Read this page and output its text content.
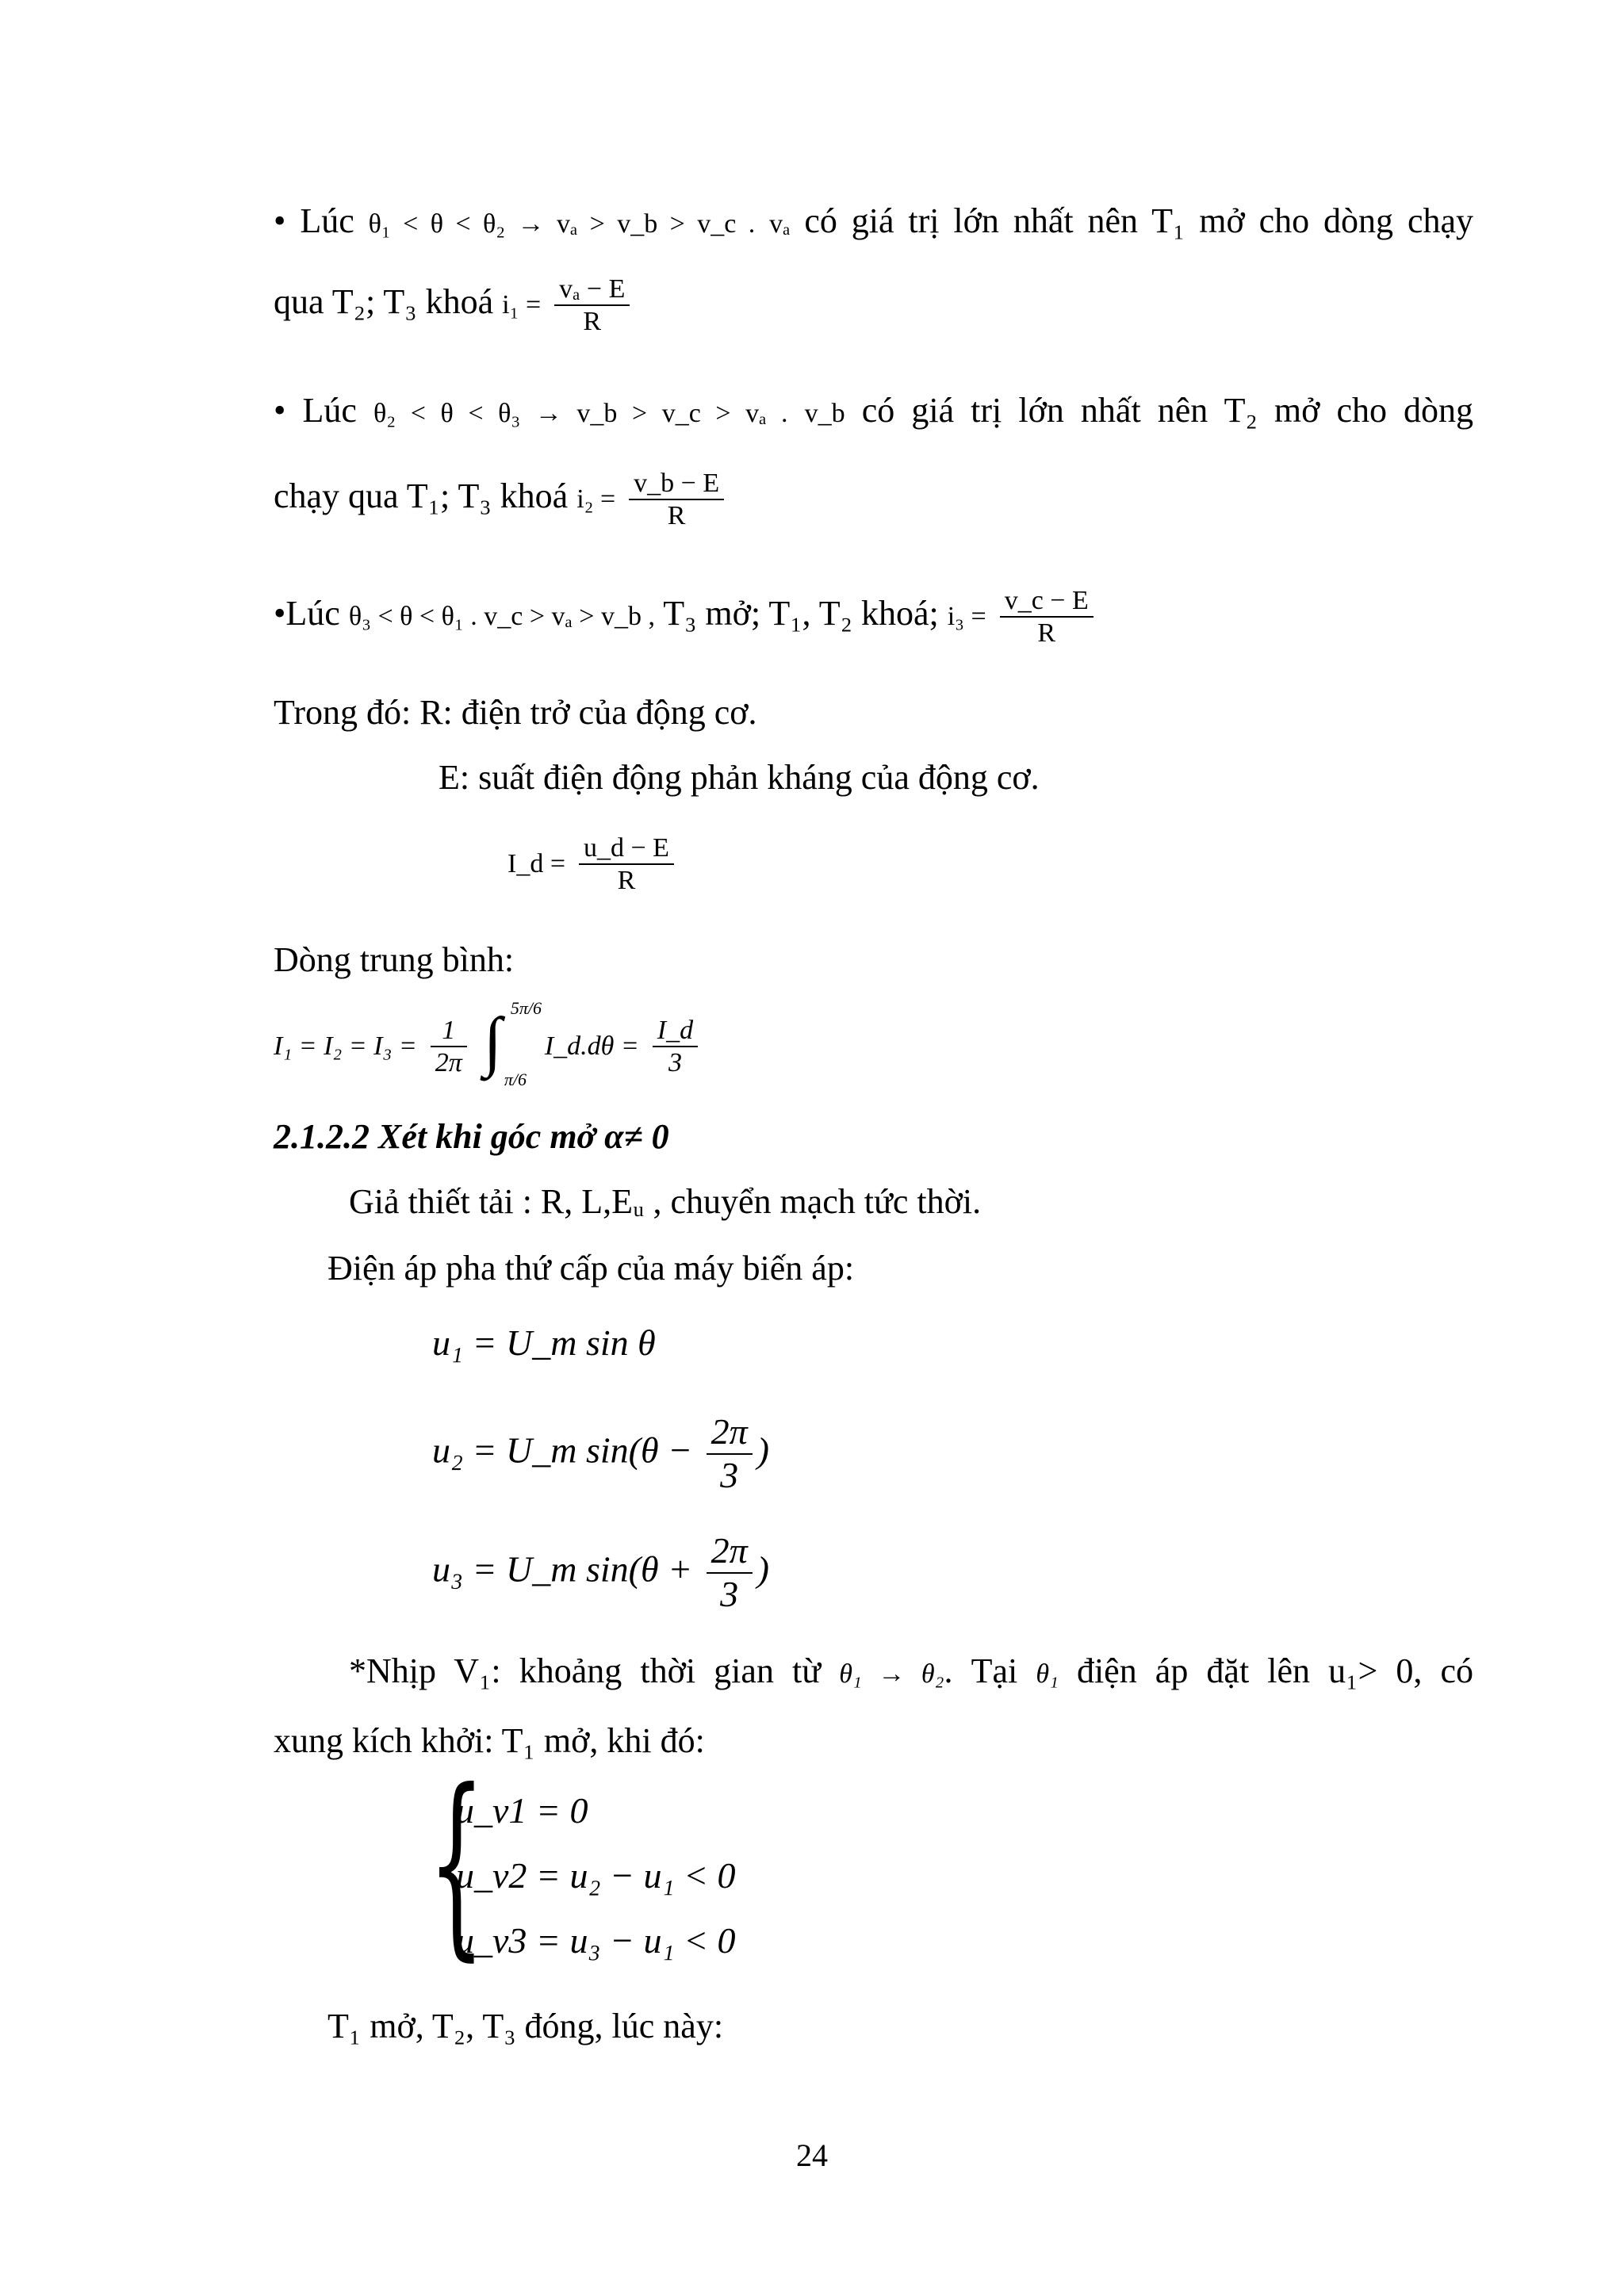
• Lúc θ₁ < θ < θ₂ → vₐ > v_b > v_c . vₐ có giá trị lớn nhất nên T₁ mở cho dòng chạy
qua T₂; T₃ khoá $i_1 = \frac{\text{vₐ − E}}{R}$
• Lúc θ₂ < θ < θ₃ → v_b > v_c > vₐ . v_b có giá trị lớn nhất nên T₂ mở cho dòng
chạy qua T₁; T₃ khoá $i_2 = \frac{v\_b - E}{R}$
•Lúc θ₃ < θ < θ₁ . v_c > vₐ > v_b , T₃ mở; T₁, T₂ khoá; $i_3 = \frac{v\_c - E}{R}$
Trong đó: R: điện trở của động cơ.
E: suất điện động phản kháng của động cơ.
I_d = $\frac{u\_d - E}{R}$
Dòng trung bình:
$I_1 = I_2 = I_3 = \frac{1}{2\pi}$
∫ 5π/6
π/6
I_d.dθ = $\frac{I\_d}{3}$
2.1.2.2 Xét khi góc mở α≠ 0
Giả thiết tải : R, L,Eᵤ , chuyển mạch tức thời.
Điện áp pha thứ cấp của máy biến áp:
u₁ = U_m sin θ
u₂ = U_m $\sin(\theta - \frac{2\pi}{3}$ )
u₃ = U_m $\sin(\theta + \frac{2\pi}{3}$ )
*Nhịp V₁: khoảng thời gian từ θ₁ → θ₂. Tại θ₁ điện áp đặt lên u₁> 0, có
xung kích khởi: T₁ mở, khi đó:
{
u_v1 = 0
u_v2 = u₂ − u₁ < 0
u_v3 = u₃ − u₁ < 0
T₁ mở, T₂, T₃ đóng, lúc này:
24
